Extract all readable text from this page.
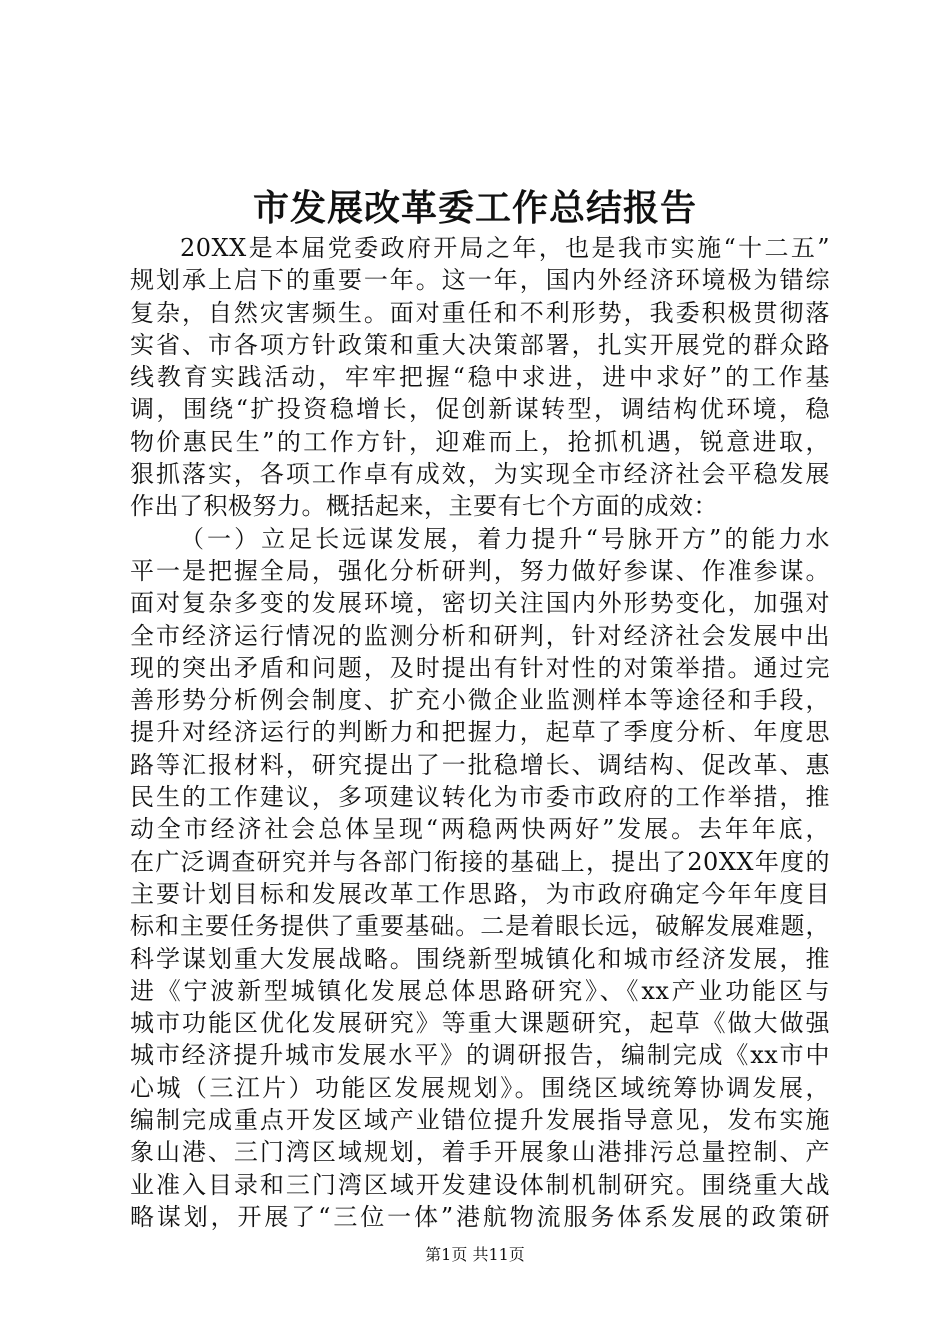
市发展改革委工作总结报告
20XX是本届党委政府开局之年，也是我市实施“十二五”
规划承上启下的重要一年。这一年，国内外经济环境极为错综
复杂，自然灾害频生。面对重任和不利形势，我委积极贯彻落
实省、市各项方针政策和重大决策部署，扎实开展党的群众路
线教育实践活动，牢牢把握“稳中求进，进中求好”的工作基
调，围绕“扩投资稳增长，促创新谋转型，调结构优环境，稳
物价惠民生”的工作方针，迎难而上，抢抓机遇，锐意进取，
狠抓落实，各项工作卓有成效，为实现全市经济社会平稳发展
作出了积极努力。概括起来，主要有七个方面的成效：
（一）立足长远谋发展，着力提升“号脉开方”的能力水
平一是把握全局，强化分析研判，努力做好参谋、作准参谋。
面对复杂多变的发展环境，密切关注国内外形势变化，加强对
全市经济运行情况的监测分析和研判，针对经济社会发展中出
现的突出矛盾和问题，及时提出有针对性的对策举措。通过完
善形势分析例会制度、扩充小微企业监测样本等途径和手段，
提升对经济运行的判断力和把握力，起草了季度分析、年度思
路等汇报材料，研究提出了一批稳增长、调结构、促改革、惠
民生的工作建议，多项建议转化为市委市政府的工作举措，推
动全市经济社会总体呈现“两稳两快两好”发展。去年年底，
在广泛调查研究并与各部门衔接的基础上，提出了20XX年度的
主要计划目标和发展改革工作思路，为市政府确定今年年度目
标和主要任务提供了重要基础。二是着眼长远，破解发展难题，
科学谋划重大发展战略。围绕新型城镇化和城市经济发展，推
进《宁波新型城镇化发展总体思路研究》、《xx产业功能区与
城市功能区优化发展研究》等重大课题研究，起草《做大做强
城市经济提升城市发展水平》的调研报告，编制完成《xx市中
心城（三江片）功能区发展规划》。围绕区域统筹协调发展，
编制完成重点开发区域产业错位提升发展指导意见，发布实施
象山港、三门湾区域规划，着手开展象山港排污总量控制、产
业准入目录和三门湾区域开发建设体制机制研究。围绕重大战
略谋划，开展了“三位一体”港航物流服务体系发展的政策研
第1页 共11页
